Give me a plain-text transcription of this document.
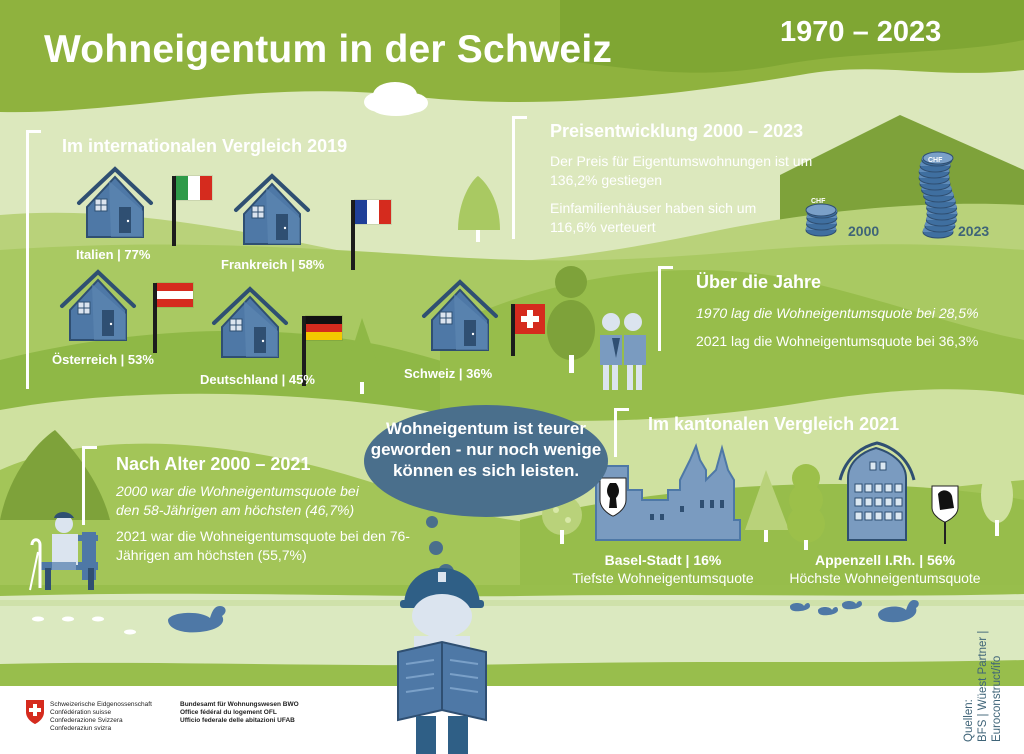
Wohneigentum in der Schweiz	1970 – 2023
Im internationalen Vergleich 2019
Italien | 77%
Frankreich | 58%
Österreich | 53%
Deutschland | 45%	Schweiz | 36%
Preisentwicklung 2000 – 2023
Der Preis für Eigentumswohnungen ist um 136,2% gestiegen
Einfamilienhäuser haben sich um 116,6% verteuert	2000	2023
CHF
CHF
Über die Jahre
1970 lag die Wohneigentumsquote bei 28,5%
2021 lag die Wohneigentumsquote bei 36,3%
Nach Alter 2000 – 2021
2000 war die Wohneigentumsquote bei den 58-Jährigen am höchsten (46,7%)
2021 war die Wohneigentumsquote bei den 76-Jährigen am höchsten (55,7%)
Wohneigentum ist teurer geworden - nur noch wenige können es sich leisten.
Im kantonalen Vergleich 2021
Basel-Stadt | 16%
Tiefste Wohneigentumsquote
Appenzell I.Rh. | 56%
Höchste Wohneigentumsquote
Schweizerische Eidgenossenschaft
Confédération suisse
Confederazione Svizzera
Confederaziun svizra
Bundesamt für Wohnungswesen BWO
Office fédéral du logement OFL
Ufficio federale delle abitazioni UFAB	Quellen: BFS | Wüest Partner | Euroconstruct/ifo
